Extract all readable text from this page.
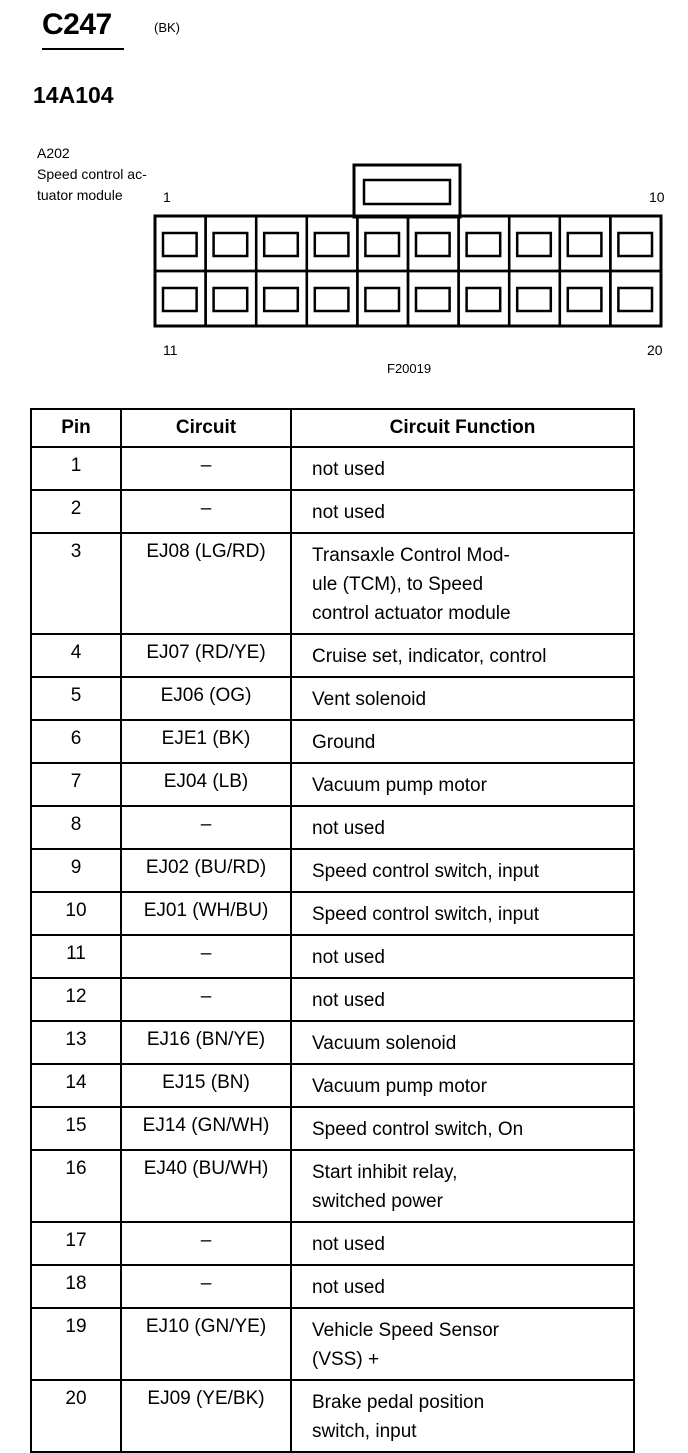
C247	(BK)
14A104
A202
Speed control ac-
tuator module	1	10
11	20
F20019
Pin	Circuit	Circuit Function
1	–	not used

2	–	not used

3	EJ08 (LG/RD)	Transaxle Control Mod-
ule (TCM), to Speed
control actuator module

4	EJ07 (RD/YE)	Cruise set, indicator, control

5	EJ06 (OG)	Vent solenoid

6	EJE1 (BK)	Ground

7	EJ04 (LB)	Vacuum pump motor

8	–	not used

9	EJ02 (BU/RD)	Speed control switch, input

10	EJ01 (WH/BU)	Speed control switch, input

11	–	not used

12	–	not used

13	EJ16 (BN/YE)	Vacuum solenoid

14	EJ15 (BN)	Vacuum pump motor

15	EJ14 (GN/WH)	Speed control switch, On

16	EJ40 (BU/WH)	Start inhibit relay,
switched power

17	–	not used

18	–	not used

19	EJ10 (GN/YE)	Vehicle Speed Sensor
(VSS) +

20	EJ09 (YE/BK)	Brake pedal position
switch, input
